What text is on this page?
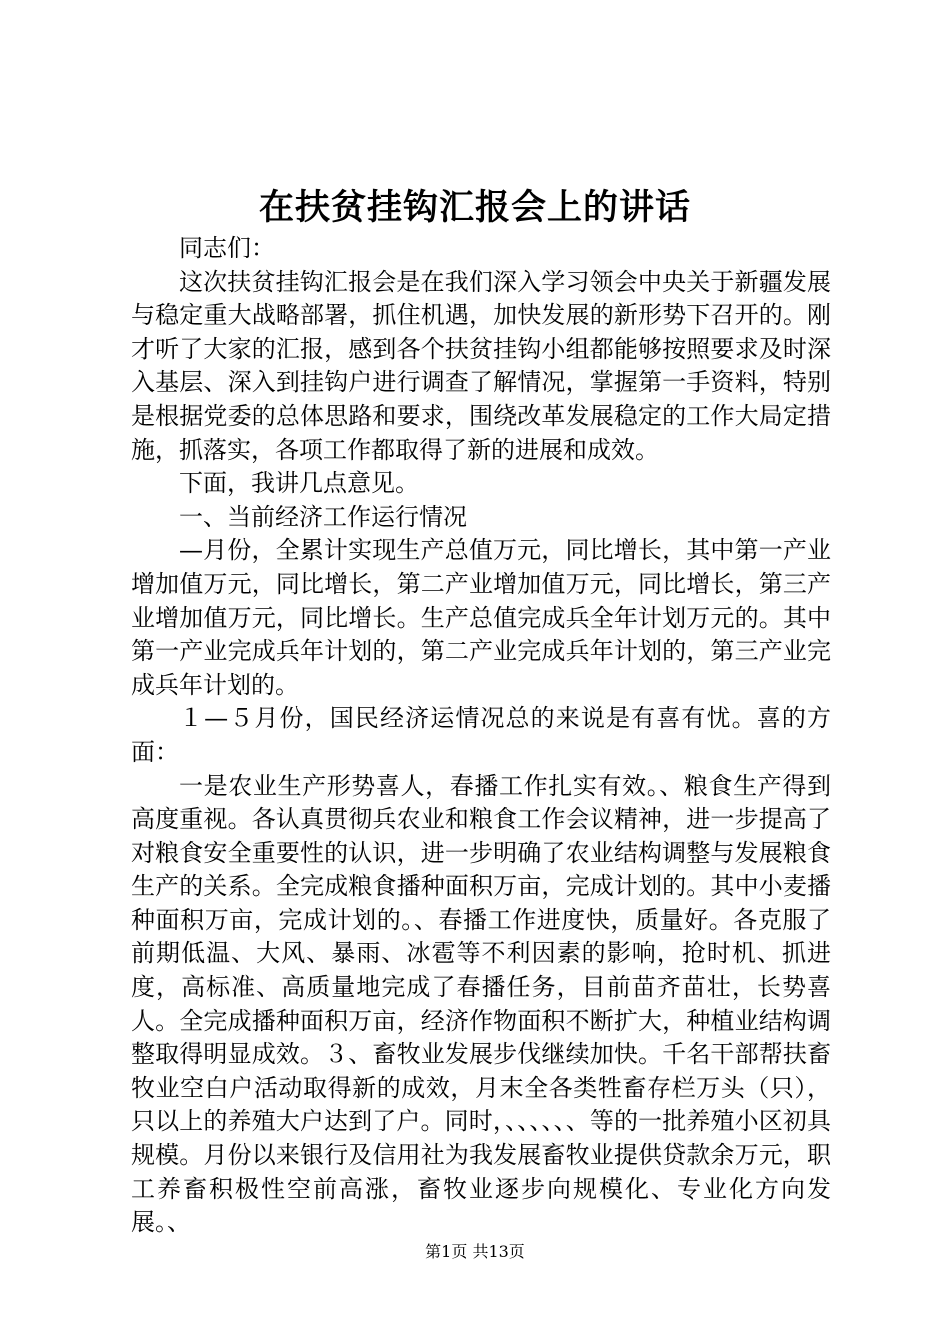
在扶贫挂钩汇报会上的讲话

同志们：

这次扶贫挂钩汇报会是在我们深入学习领会中央关于新疆发展与稳定重大战略部署，抓住机遇，加快发展的新形势下召开的。刚才听了大家的汇报，感到各个扶贫挂钩小组都能够按照要求及时深入基层、深入到挂钩户进行调查了解情况，掌握第一手资料，特别是根据党委的总体思路和要求，围绕改革发展稳定的工作大局定措施，抓落实，各项工作都取得了新的进展和成效。

下面，我讲几点意见。

一、当前经济工作运行情况

—月份，全累计实现生产总值万元，同比增长，其中第一产业增加值万元，同比增长，第二产业增加值万元，同比增长，第三产业增加值万元，同比增长。生产总值完成兵全年计划万元的。其中第一产业完成兵年计划的，第二产业完成兵年计划的，第三产业完成兵年计划的。

１—５月份，国民经济运情况总的来说是有喜有忧。喜的方面：

一是农业生产形势喜人，春播工作扎实有效。、粮食生产得到高度重视。各认真贯彻兵农业和粮食工作会议精神，进一步提高了对粮食安全重要性的认识，进一步明确了农业结构调整与发展粮食生产的关系。全完成粮食播种面积万亩，完成计划的。其中小麦播种面积万亩，完成计划的。、春播工作进度快，质量好。各克服了前期低温、大风、暴雨、冰雹等不利因素的影响，抢时机、抓进度，高标准、高质量地完成了春播任务，目前苗齐苗壮，长势喜人。全完成播种面积万亩，经济作物面积不断扩大，种植业结构调整取得明显成效。３、畜牧业发展步伐继续加快。千名干部帮扶畜牧业空白户活动取得新的成效，月末全各类牲畜存栏万头（只），只以上的养殖大户达到了户。同时，、、、、、、等的一批养殖小区初具规模。月份以来银行及信用社为我发展畜牧业提供贷款余万元，职工养畜积极性空前高涨，畜牧业逐步向规模化、专业化方向发展。、

第1页 共13页
